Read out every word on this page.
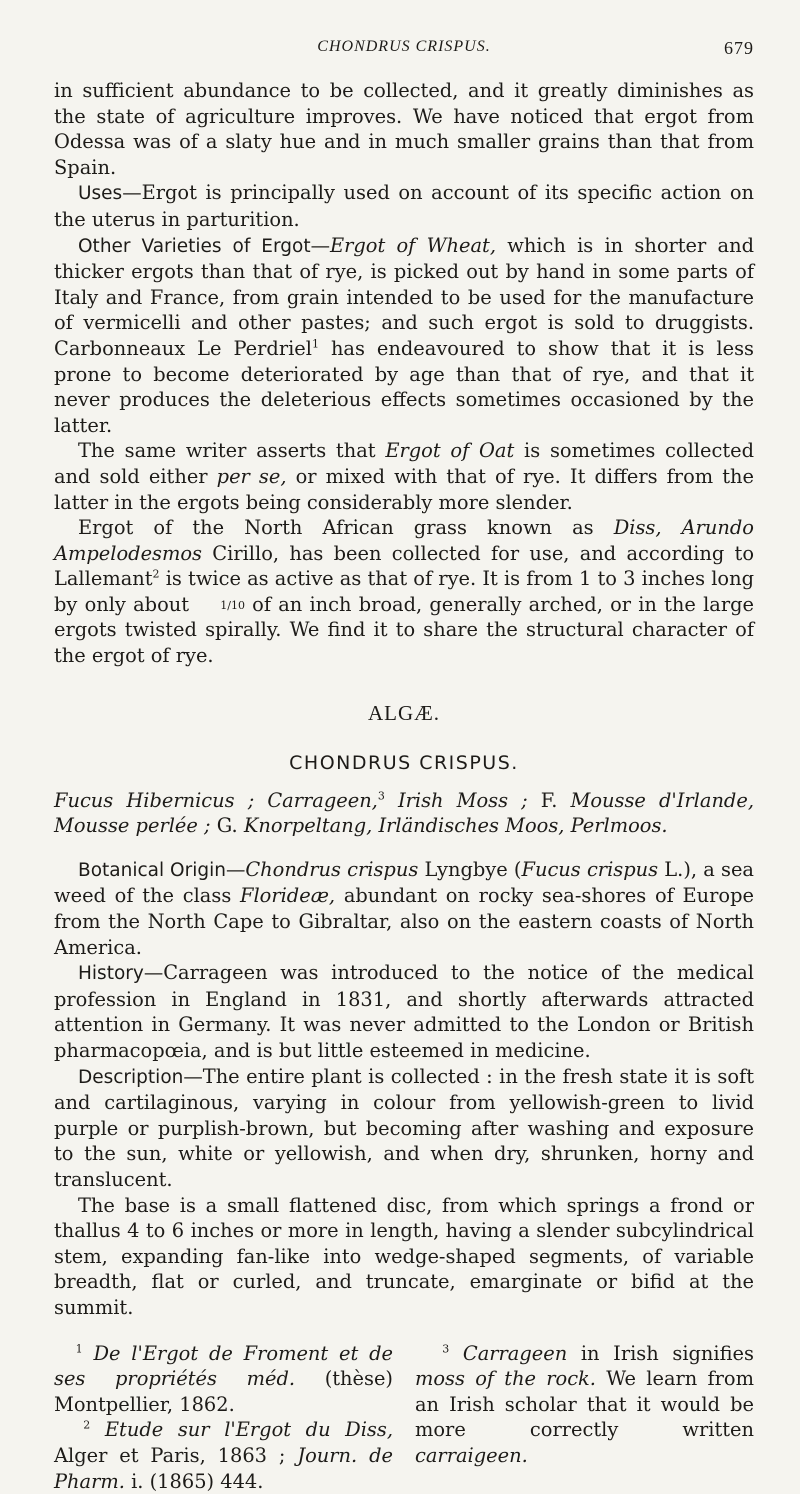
CHONDRUS CRISPUS.	679

in sufficient abundance to be collected, and it greatly diminishes as the state of agriculture improves. We have noticed that ergot from Odessa was of a slaty hue and in much smaller grains than that from Spain.

Uses—Ergot is principally used on account of its specific action on the uterus in parturition.

Other Varieties of Ergot—Ergot of Wheat, which is in shorter and thicker ergots than that of rye, is picked out by hand in some parts of Italy and France, from grain intended to be used for the manufacture of vermicelli and other pastes; and such ergot is sold to druggists. Carbonneaux Le Perdriel$^1$ has endeavoured to show that it is less prone to become deteriorated by age than that of rye, and that it never produces the deleterious effects sometimes occasioned by the latter.

The same writer asserts that Ergot of Oat is sometimes collected and sold either per se, or mixed with that of rye. It differs from the latter in the ergots being considerably more slender.

Ergot of the North African grass known as Diss, Arundo Ampelodesmos Cirillo, has been collected for use, and according to Lallemant$^2$ is twice as active as that of rye. It is from 1 to 3 inches long by only about 1/10 of an inch broad, generally arched, or in the large ergots twisted spirally. We find it to share the structural character of the ergot of rye.

ALGÆ.
CHONDRUS CRISPUS.

Fucus Hibernicus ; Carrageen,$^3$ Irish Moss ; F. Mousse d'Irlande, Mousse perlée ; G. Knorpeltang, Irländisches Moos, Perlmoos.

Botanical Origin—Chondrus crispus Lyngbye (Fucus crispus L.), a sea weed of the class Florideæ, abundant on rocky sea-shores of Europe from the North Cape to Gibraltar, also on the eastern coasts of North America.

History—Carrageen was introduced to the notice of the medical profession in England in 1831, and shortly afterwards attracted attention in Germany. It was never admitted to the London or British pharmacopœia, and is but little esteemed in medicine.

Description—The entire plant is collected : in the fresh state it is soft and cartilaginous, varying in colour from yellowish-green to livid purple or purplish-brown, but becoming after washing and exposure to the sun, white or yellowish, and when dry, shrunken, horny and translucent.

The base is a small flattened disc, from which springs a frond or thallus 4 to 6 inches or more in length, having a slender subcylindrical stem, expanding fan-like into wedge-shaped segments, of variable breadth, flat or curled, and truncate, emarginate or bifid at the summit.

$^1$ De l'Ergot de Froment et de ses propriétés méd. (thèse) Montpellier, 1862.

$^2$ Etude sur l'Ergot du Diss, Alger et Paris, 1863 ; Journ. de Pharm. i. (1865) 444.

$^3$ Carrageen in Irish signifies moss of the rock. We learn from an Irish scholar that it would be more correctly written carraigeen.
